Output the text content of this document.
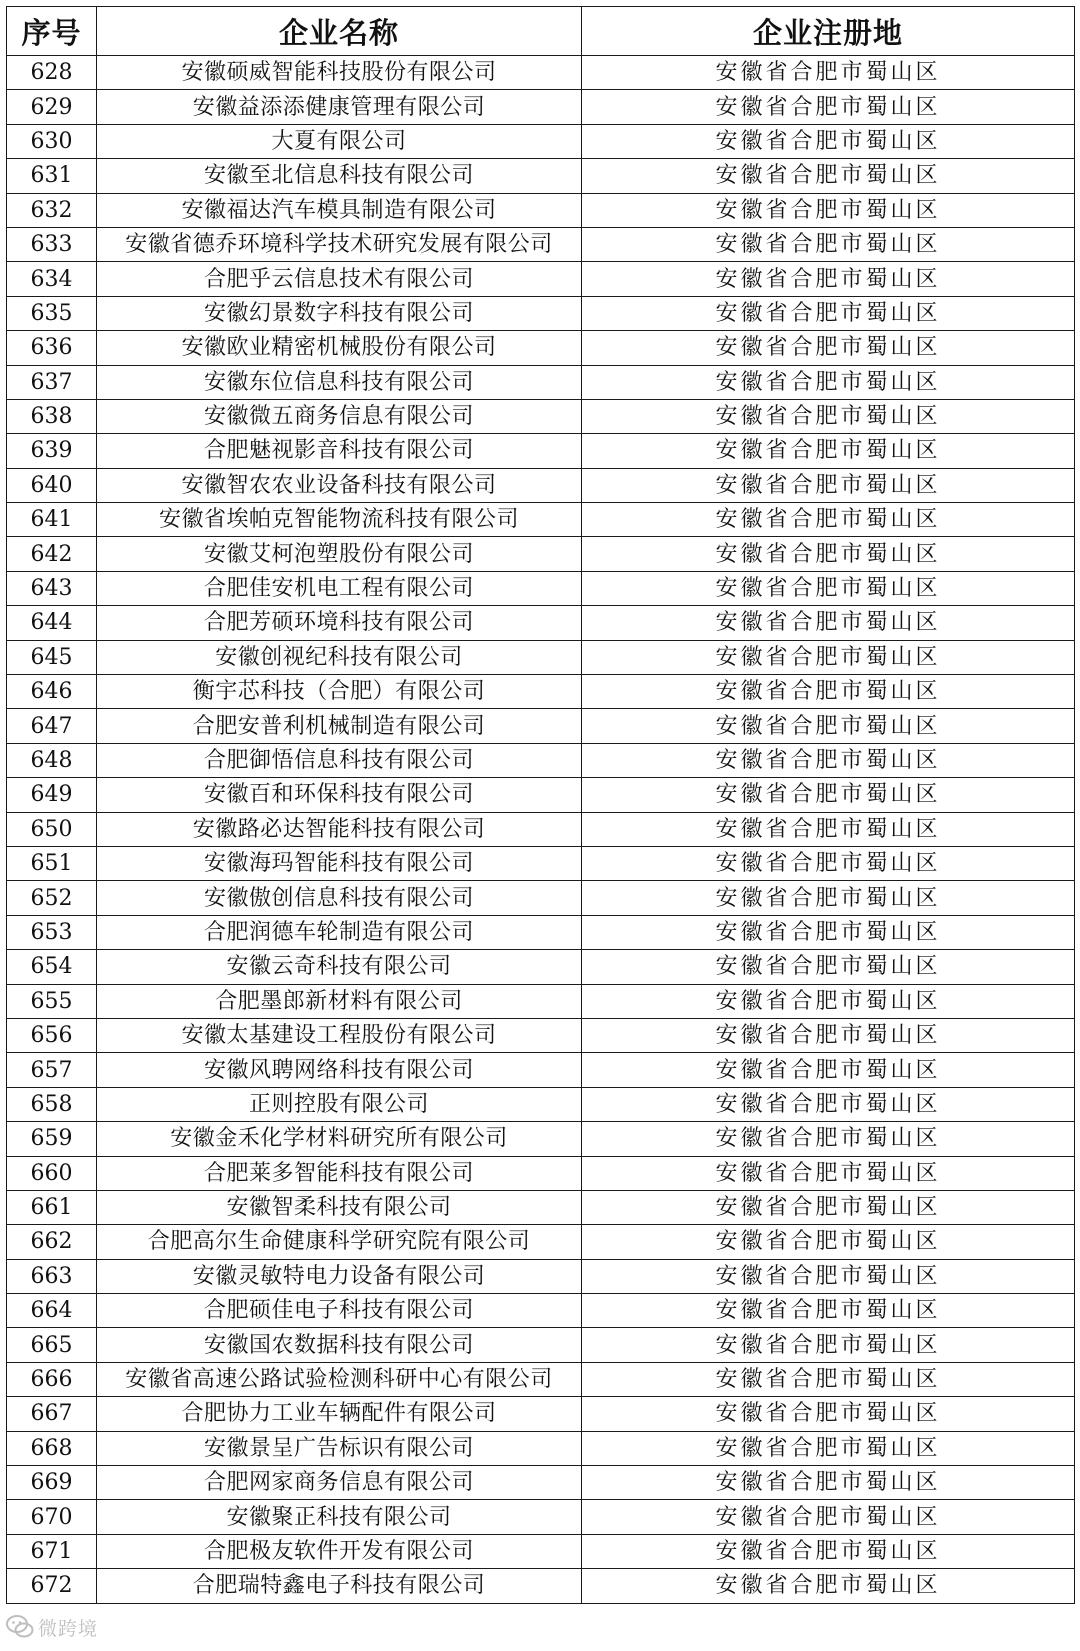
序号	企业名称	企业注册地
628	安徽硕威智能科技股份有限公司	安徽省合肥市蜀山区
629	安徽益添添健康管理有限公司	安徽省合肥市蜀山区
630	大夏有限公司	安徽省合肥市蜀山区
631	安徽至北信息科技有限公司	安徽省合肥市蜀山区
632	安徽福达汽车模具制造有限公司	安徽省合肥市蜀山区
633	安徽省德乔环境科学技术研究发展有限公司	安徽省合肥市蜀山区
634	合肥乎云信息技术有限公司	安徽省合肥市蜀山区
635	安徽幻景数字科技有限公司	安徽省合肥市蜀山区
636	安徽欧业精密机械股份有限公司	安徽省合肥市蜀山区
637	安徽东位信息科技有限公司	安徽省合肥市蜀山区
638	安徽微五商务信息有限公司	安徽省合肥市蜀山区
639	合肥魅视影音科技有限公司	安徽省合肥市蜀山区
640	安徽智农农业设备科技有限公司	安徽省合肥市蜀山区
641	安徽省埃帕克智能物流科技有限公司	安徽省合肥市蜀山区
642	安徽艾柯泡塑股份有限公司	安徽省合肥市蜀山区
643	合肥佳安机电工程有限公司	安徽省合肥市蜀山区
644	合肥芳硕环境科技有限公司	安徽省合肥市蜀山区
645	安徽创视纪科技有限公司	安徽省合肥市蜀山区
646	衡宇芯科技（合肥）有限公司	安徽省合肥市蜀山区
647	合肥安普利机械制造有限公司	安徽省合肥市蜀山区
648	合肥御悟信息科技有限公司	安徽省合肥市蜀山区
649	安徽百和环保科技有限公司	安徽省合肥市蜀山区
650	安徽路必达智能科技有限公司	安徽省合肥市蜀山区
651	安徽海玛智能科技有限公司	安徽省合肥市蜀山区
652	安徽傲创信息科技有限公司	安徽省合肥市蜀山区
653	合肥润德车轮制造有限公司	安徽省合肥市蜀山区
654	安徽云奇科技有限公司	安徽省合肥市蜀山区
655	合肥墨郎新材料有限公司	安徽省合肥市蜀山区
656	安徽太基建设工程股份有限公司	安徽省合肥市蜀山区
657	安徽风聘网络科技有限公司	安徽省合肥市蜀山区
658	正则控股有限公司	安徽省合肥市蜀山区
659	安徽金禾化学材料研究所有限公司	安徽省合肥市蜀山区
660	合肥莱多智能科技有限公司	安徽省合肥市蜀山区
661	安徽智柔科技有限公司	安徽省合肥市蜀山区
662	合肥高尔生命健康科学研究院有限公司	安徽省合肥市蜀山区
663	安徽灵敏特电力设备有限公司	安徽省合肥市蜀山区
664	合肥硕佳电子科技有限公司	安徽省合肥市蜀山区
665	安徽国农数据科技有限公司	安徽省合肥市蜀山区
666	安徽省高速公路试验检测科研中心有限公司	安徽省合肥市蜀山区
667	合肥协力工业车辆配件有限公司	安徽省合肥市蜀山区
668	安徽景呈广告标识有限公司	安徽省合肥市蜀山区
669	合肥网家商务信息有限公司	安徽省合肥市蜀山区
670	安徽聚正科技有限公司	安徽省合肥市蜀山区
671	合肥极友软件开发有限公司	安徽省合肥市蜀山区
672	合肥瑞特鑫电子科技有限公司	安徽省合肥市蜀山区
微跨境
